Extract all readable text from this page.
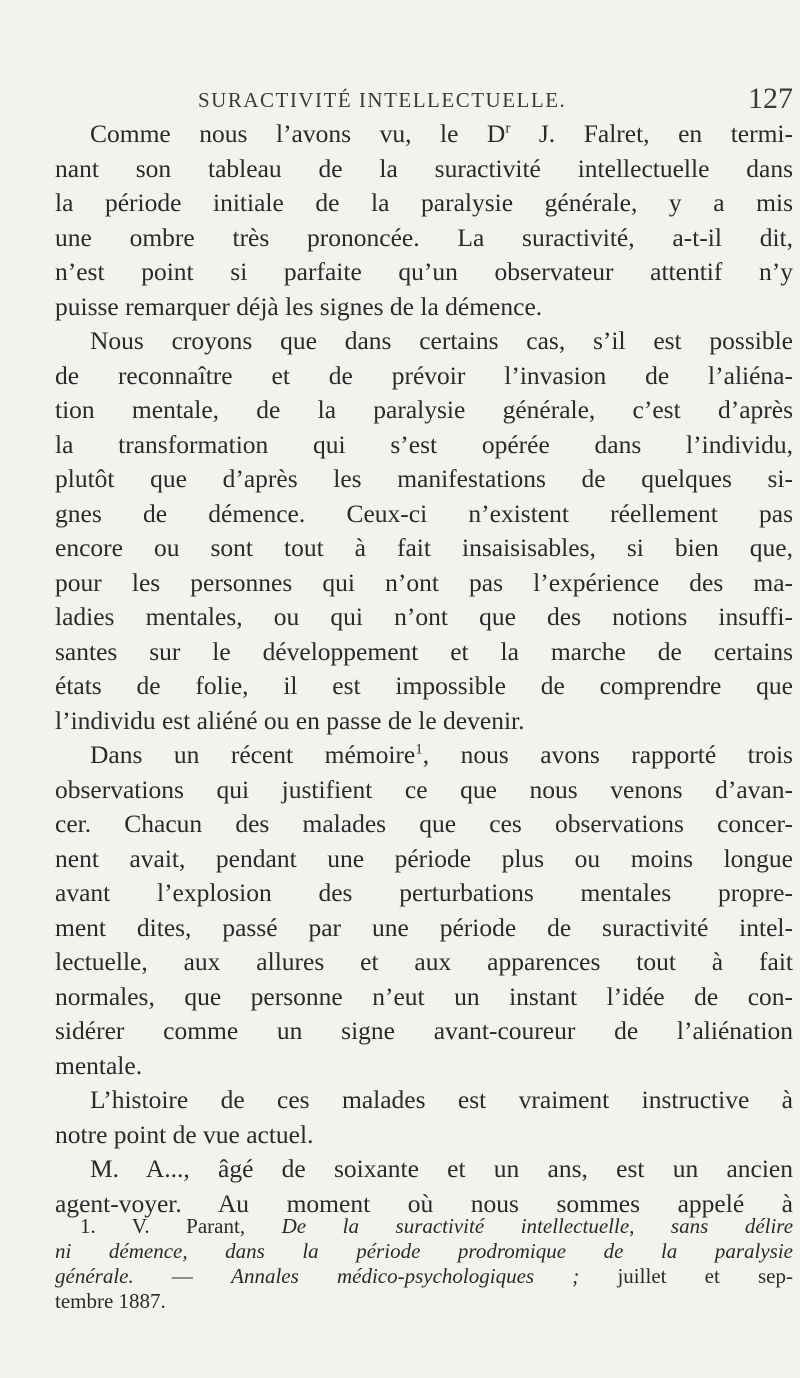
SURACTIVITÉ INTELLECTUELLE.	127
Comme nous l’avons vu, le $D^r$ J. Falret, en termi-
nant son tableau de la suractivité intellectuelle dans
la période initiale de la paralysie générale, y a mis
une ombre très prononcée. La suractivité, a-t-il dit,
n’est point si parfaite qu’un observateur attentif n’y
puisse remarquer déjà les signes de la démence.
Nous croyons que dans certains cas, s’il est possible
de reconnaître et de prévoir l’invasion de l’aliéna-
tion mentale, de la paralysie générale, c’est d’après
la transformation qui s’est opérée dans l’individu,
plutôt que d’après les manifestations de quelques si-
gnes de démence. Ceux-ci n’existent réellement pas
encore ou sont tout à fait insaisisables, si bien que,
pour les personnes qui n’ont pas l’expérience des ma-
ladies mentales, ou qui n’ont que des notions insuffi-
santes sur le développement et la marche de certains
états de folie, il est impossible de comprendre que
l’individu est aliéné ou en passe de le devenir.
Dans un récent mémoire$^1$, nous avons rapporté trois
observations qui justifient ce que nous venons d’avan-
cer. Chacun des malades que ces observations concer-
nent avait, pendant une période plus ou moins longue
avant l’explosion des perturbations mentales propre-
ment dites, passé par une période de suractivité intel-
lectuelle, aux allures et aux apparences tout à fait
normales, que personne n’eut un instant l’idée de con-
sidérer comme un signe avant-coureur de l’aliénation
mentale.
L’histoire de ces malades est vraiment instructive à
notre point de vue actuel.
M. A..., âgé de soixante et un ans, est un ancien
agent-voyer. Au moment où nous sommes appelé à
1. V. Parant, De la suractivité intellectuelle, sans délire
ni démence, dans la période prodromique de la paralysie
générale. — Annales médico-psychologiques ; juillet et sep-
tembre 1887.
